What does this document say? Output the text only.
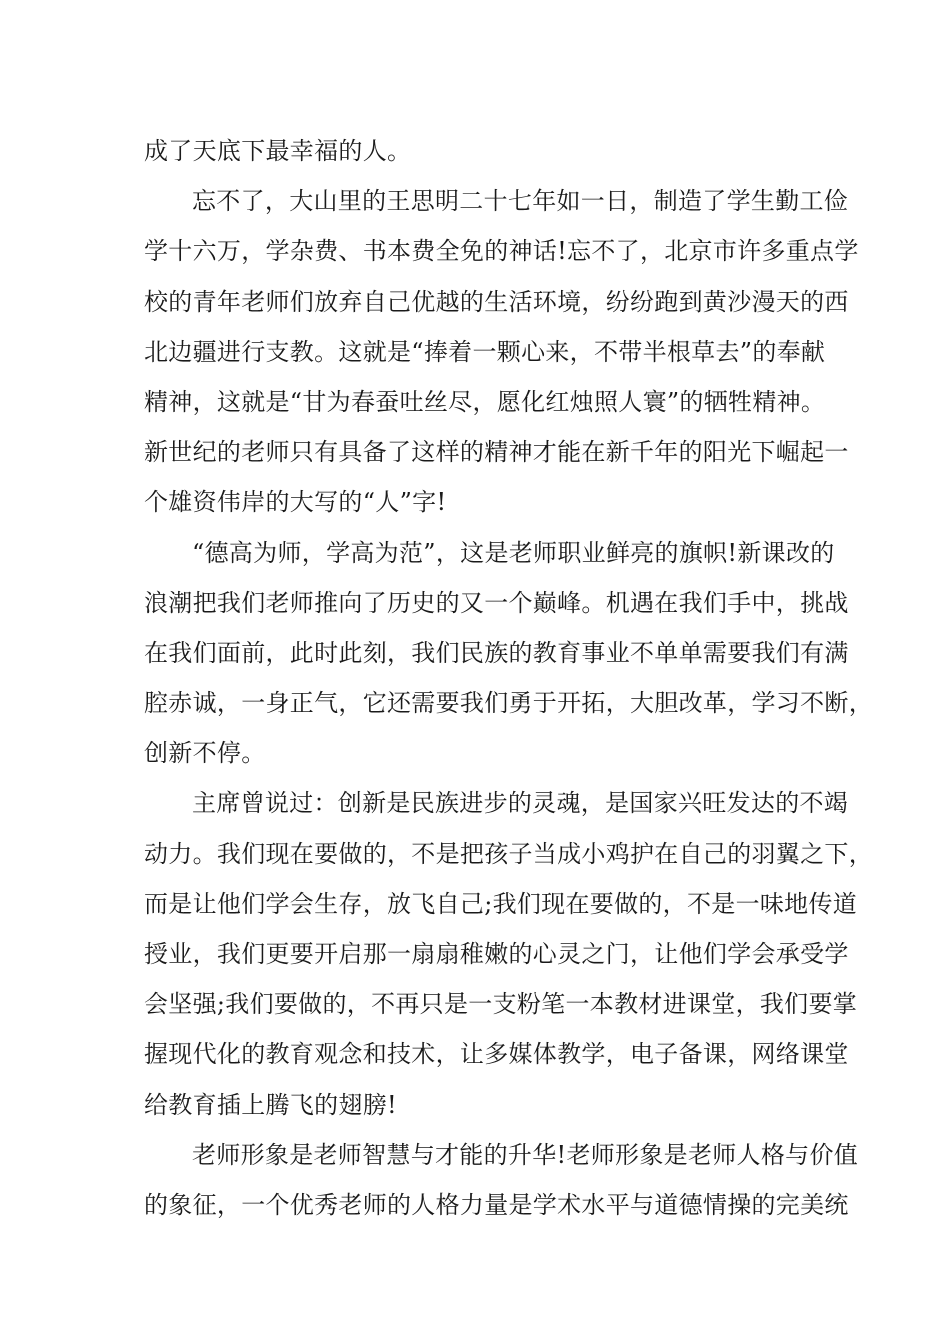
成了天底下最幸福的人。
忘不了，大山里的王思明二十七年如一日，制造了学生勤工俭
学十六万，学杂费、书本费全免的神话!忘不了，北京市许多重点学
校的青年老师们放弃自己优越的生活环境，纷纷跑到黄沙漫天的西
北边疆进行支教。这就是“捧着一颗心来，不带半根草去”的奉献
精神，这就是“甘为春蚕吐丝尽，愿化红烛照人寰”的牺牲精神。
新世纪的老师只有具备了这样的精神才能在新千年的阳光下崛起一
个雄资伟岸的大写的“人”字!
“德高为师，学高为范”，这是老师职业鲜亮的旗帜!新课改的
浪潮把我们老师推向了历史的又一个巅峰。机遇在我们手中，挑战
在我们面前，此时此刻，我们民族的教育事业不单单需要我们有满
腔赤诚，一身正气，它还需要我们勇于开拓，大胆改革，学习不断，
创新不停。
主席曾说过：创新是民族进步的灵魂，是国家兴旺发达的不竭
动力。我们现在要做的，不是把孩子当成小鸡护在自己的羽翼之下，
而是让他们学会生存，放飞自己;我们现在要做的，不是一味地传道
授业，我们更要开启那一扇扇稚嫩的心灵之门，让他们学会承受学
会坚强;我们要做的，不再只是一支粉笔一本教材进课堂，我们要掌
握现代化的教育观念和技术，让多媒体教学，电子备课，网络课堂
给教育插上腾飞的翅膀!
老师形象是老师智慧与才能的升华!老师形象是老师人格与价值
的象征，一个优秀老师的人格力量是学术水平与道德情操的完美统
